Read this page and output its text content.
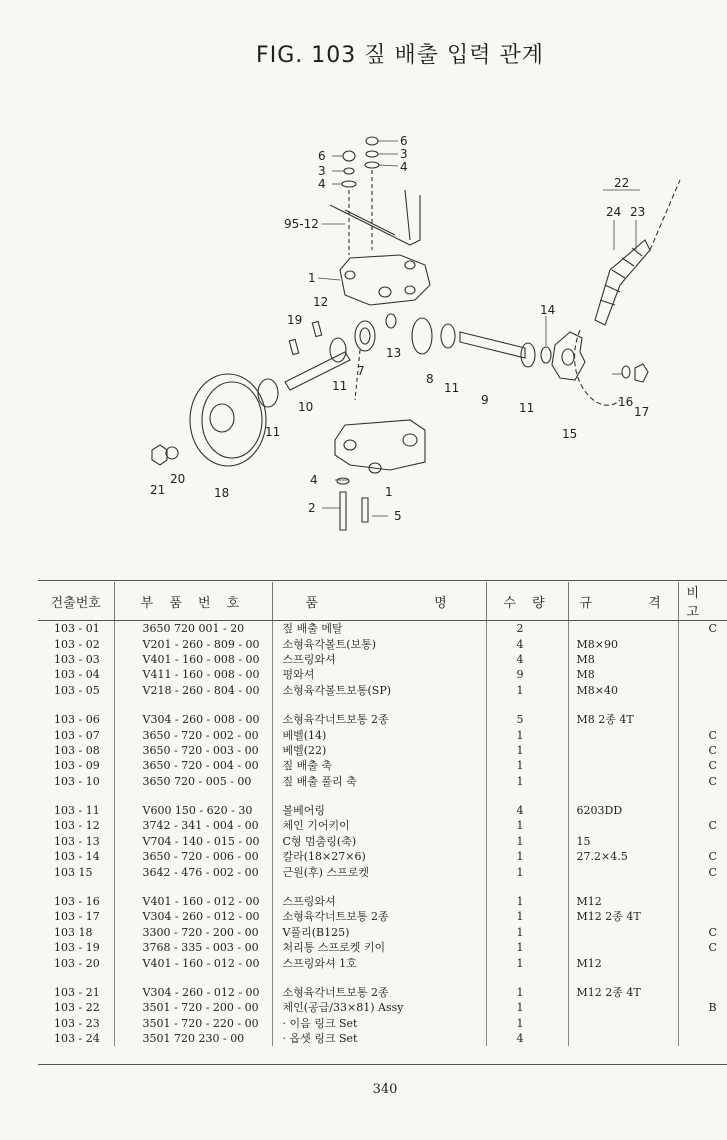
FIG. 103 짚 배출 입력 관계
6
3
4
6
3
4
95-12
22
24 23
1
12
19
14
13
8
11
9
11
7
11
10
11
16
17
15
4
2
5
1
20
21	18
건출번호	부 품 번 호	품 명	수 량	규 격	비 고
103 - 01	3650 720 001 - 20	짚 배출 메탈	2		C
103 - 02	V201 - 260 - 809 - 00	소형육각볼트(보통)	4	M8×90	
103 - 03	V401 - 160 - 008 - 00	스프링와셔	4	M8	
103 - 04	V411 - 160 - 008 - 00	평와셔	9	M8	
103 - 05	V218 - 260 - 804 - 00	소형육각볼트보통(SP)	1	M8×40	

103 - 06	V304 - 260 - 008 - 00	소형육각너트보통 2종	5	M8 2종 4T	
103 - 07	3650 - 720 - 002 - 00	베벨(14)	1		C
103 - 08	3650 - 720 - 003 - 00	베벨(22)	1		C
103 - 09	3650 - 720 - 004 - 00	짚 배출 축	1		C
103 - 10	3650 720 - 005 - 00	짚 배출 풀리 축	1		C

103 - 11	V600 150 - 620 - 30	볼베어링	4	6203DD	
103 - 12	3742 - 341 - 004 - 00	체인 기어키이	1		C
103 - 13	V704 - 140 - 015 - 00	C형 멈춤링(축)	1	15	
103 - 14	3650 - 720 - 006 - 00	칼라(18×27×6)	1	27.2×4.5	C
103 15	3642 - 476 - 002 - 00	근원(후) 스프로켓	1		C

103 - 16	V401 - 160 - 012 - 00	스프링와셔	1	M12	
103 - 17	V304 - 260 - 012 - 00	소형육각너트보통 2종	1	M12 2종 4T	
103 18	3300 - 720 - 200 - 00	V풀리(B125)	1		C
103 - 19	3768 - 335 - 003 - 00	처리통 스프로켓 키이	1		C
103 - 20	V401 - 160 - 012 - 00	스프링와셔 1호	1	M12	

103 - 21	V304 - 260 - 012 - 00	소형육각너트보통 2종	1	M12 2종 4T	
103 - 22	3501 - 720 - 200 - 00	체인(공급/33×81) Assy	1		B
103 - 23	3501 - 720 - 220 - 00	· 이음 링크 Set	1		
103 - 24	3501 720 230 - 00	· 옵셋 링크 Set	4		
340
